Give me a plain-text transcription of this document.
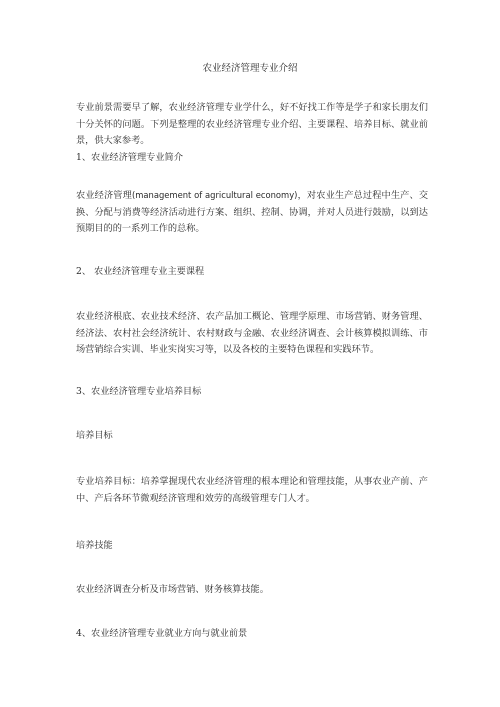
农业经济管理专业介绍
专业前景需要早了解，农业经济管理专业学什么，好不好找工作等是学子和家长朋友们十分关怀的问题。下列是整理的农业经济管理专业介绍、主要课程、培养目标、就业前景，供大家参考。
1、农业经济管理专业简介
农业经济管理(management of agricultural economy)，对农业生产总过程中生产、交换、分配与消费等经济活动进行方案、组织、控制、协调，并对人员进行鼓励，以到达预期目的的一系列工作的总称。
2、 农业经济管理专业主要课程
农业经济根底、农业技术经济、农产品加工概论、管理学原理、市场营销、财务管理、经济法、农村社会经济统计、农村财政与金融、农业经济调查、会计核算模拟训练、市场营销综合实训、毕业实岗实习等，以及各校的主要特色课程和实践环节。
3、农业经济管理专业培养目标
培养目标
专业培养目标：培养掌握现代农业经济管理的根本理论和管理技能，从事农业产前、产中、产后各环节微观经济管理和效劳的高级管理专门人才。
培养技能
农业经济调查分析及市场营销、财务核算技能。
4、农业经济管理专业就业方向与就业前景
